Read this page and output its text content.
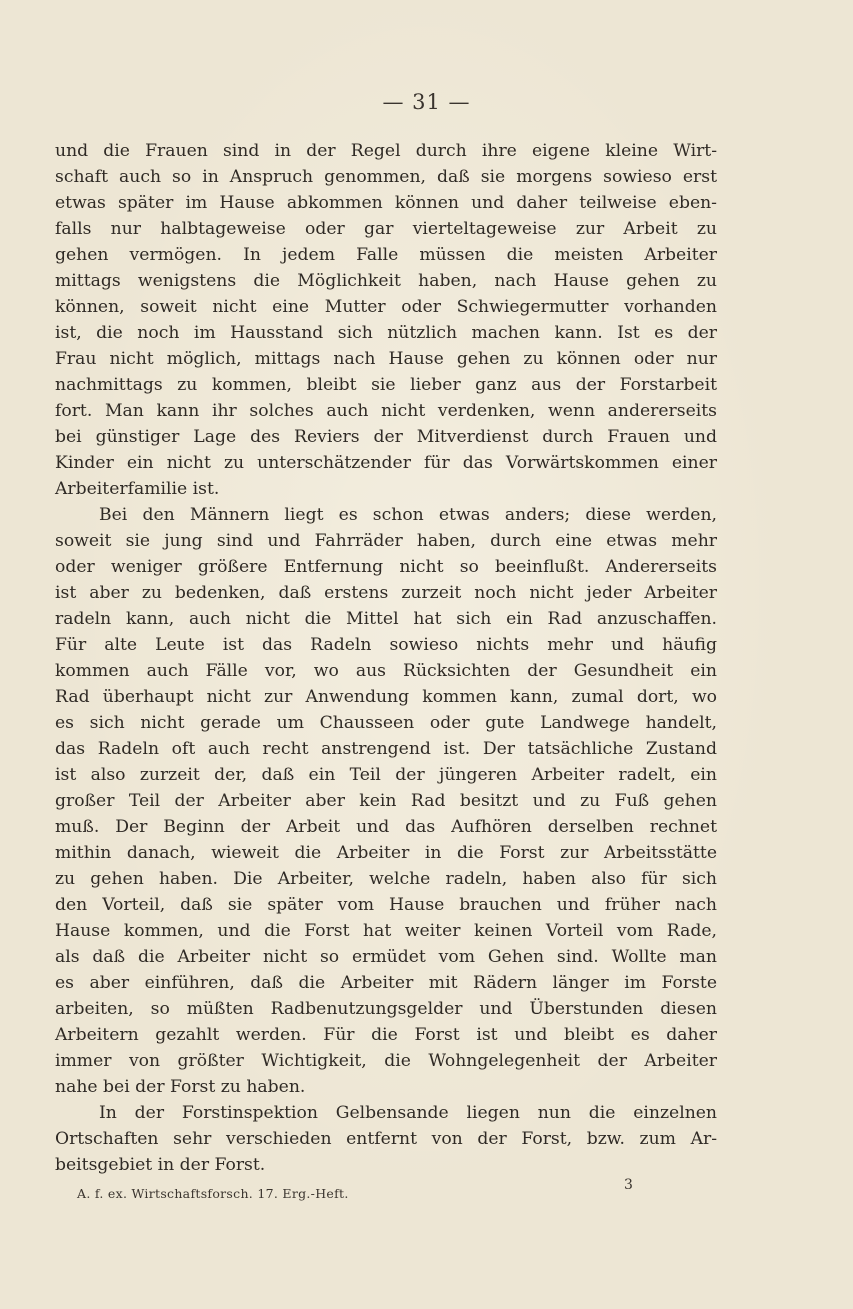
— 31 —
und die Frauen sind in der Regel durch ihre eigene kleine Wirt-
schaft auch so in Anspruch genommen, daß sie morgens sowieso erst
etwas später im Hause abkommen können und daher teilweise eben-
falls nur halbtageweise oder gar vierteltageweise zur Arbeit zu
gehen vermögen. In jedem Falle müssen die meisten Arbeiter
mittags wenigstens die Möglichkeit haben, nach Hause gehen zu
können, soweit nicht eine Mutter oder Schwiegermutter vorhanden
ist, die noch im Hausstand sich nützlich machen kann. Ist es der
Frau nicht möglich, mittags nach Hause gehen zu können oder nur
nachmittags zu kommen, bleibt sie lieber ganz aus der Forstarbeit
fort. Man kann ihr solches auch nicht verdenken, wenn andererseits
bei günstiger Lage des Reviers der Mitverdienst durch Frauen und
Kinder ein nicht zu unterschätzender für das Vorwärtskommen einer
Arbeiterfamilie ist.
Bei den Männern liegt es schon etwas anders; diese werden,
soweit sie jung sind und Fahrräder haben, durch eine etwas mehr
oder weniger größere Entfernung nicht so beeinflußt. Andererseits
ist aber zu bedenken, daß erstens zurzeit noch nicht jeder Arbeiter
radeln kann, auch nicht die Mittel hat sich ein Rad anzuschaffen.
Für alte Leute ist das Radeln sowieso nichts mehr und häufig
kommen auch Fälle vor, wo aus Rücksichten der Gesundheit ein
Rad überhaupt nicht zur Anwendung kommen kann, zumal dort, wo
es sich nicht gerade um Chausseen oder gute Landwege handelt,
das Radeln oft auch recht anstrengend ist. Der tatsächliche Zustand
ist also zurzeit der, daß ein Teil der jüngeren Arbeiter radelt, ein
großer Teil der Arbeiter aber kein Rad besitzt und zu Fuß gehen
muß. Der Beginn der Arbeit und das Aufhören derselben rechnet
mithin danach, wieweit die Arbeiter in die Forst zur Arbeitsstätte
zu gehen haben. Die Arbeiter, welche radeln, haben also für sich
den Vorteil, daß sie später vom Hause brauchen und früher nach
Hause kommen, und die Forst hat weiter keinen Vorteil vom Rade,
als daß die Arbeiter nicht so ermüdet vom Gehen sind. Wollte man
es aber einführen, daß die Arbeiter mit Rädern länger im Forste
arbeiten, so müßten Radbenutzungsgelder und Überstunden diesen
Arbeitern gezahlt werden. Für die Forst ist und bleibt es daher
immer von größter Wichtigkeit, die Wohngelegenheit der Arbeiter
nahe bei der Forst zu haben.
In der Forstinspektion Gelbensande liegen nun die einzelnen
Ortschaften sehr verschieden entfernt von der Forst, bzw. zum Ar-
beitsgebiet in der Forst.
A. f. ex. Wirtschaftsforsch. 17. Erg.-Heft.
3
